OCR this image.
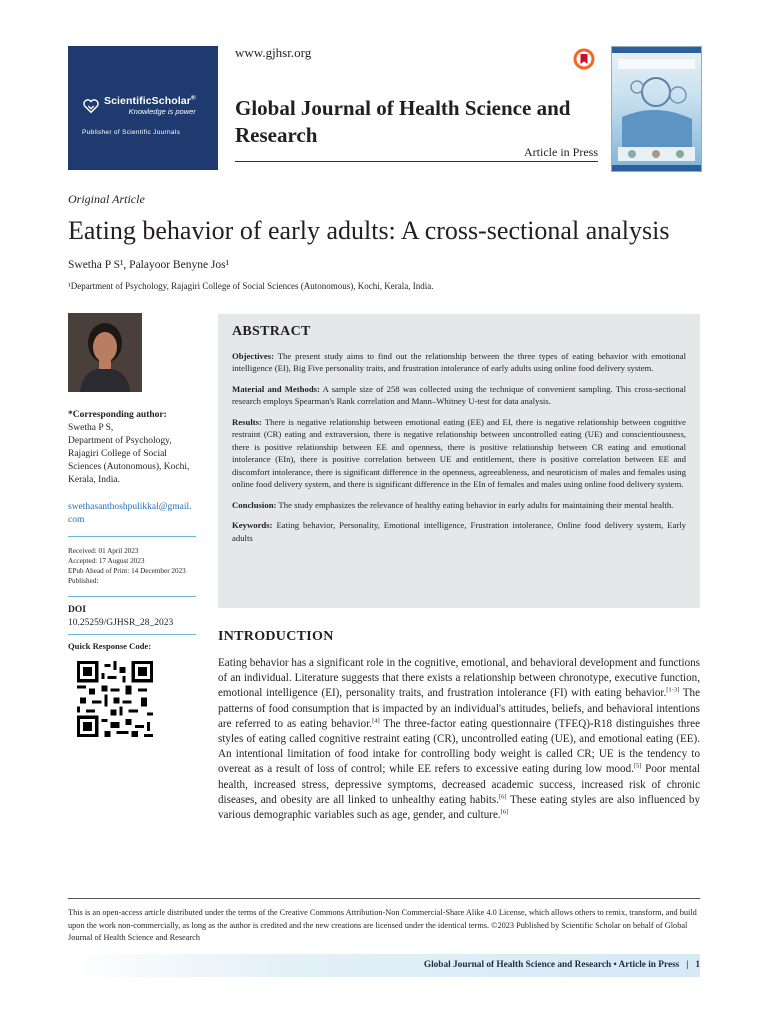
ScientificScholar®
Knowledge is power
Publisher of Scientific Journals
www.gjhsr.org
Global Journal of Health Science and Research
Article in Press
Original Article
Eating behavior of early adults: A cross-sectional analysis
Swetha P S¹, Palayoor Benyne Jos¹
¹Department of Psychology, Rajagiri College of Social Sciences (Autonomous), Kochi, Kerala, India.
*Corresponding author:
Swetha P S,
Department of Psychology,
Rajagiri College of Social
Sciences (Autonomous), Kochi,
Kerala, India.
swethasanthoshpulikkal@gmail.
com
Received: 01 April 2023
Accepted: 17 August 2023
EPub Ahead of Print: 14 December 2023
Published:
DOI
10.25259/GJHSR_28_2023
Quick Response Code:
ABSTRACT

Objectives: The present study aims to find out the relationship between the three types of eating behavior with emotional intelligence (EI), Big Five personality traits, and frustration intolerance of early adults using online food delivery system.

Material and Methods: A sample size of 258 was collected using the technique of convenient sampling. This cross-sectional research employs Spearman's Rank correlation and Mann–Whitney U-test for data analysis.

Results: There is negative relationship between emotional eating (EE) and EI, there is negative relationship between cognitive restraint (CR) eating and extraversion, there is negative relationship between uncontrolled eating (UE) and conscientiousness, there is positive relationship between EE and openness, there is positive relationship between CR eating and emotional intolerance (EIn), there is positive correlation between UE and entitlement, there is positive correlation between EE and discomfort intolerance, there is significant difference in the openness, agreeableness, and neuroticism of males and females using online food delivery system, and there is significant difference in the EIn of females and males using online food delivery system.

Conclusion: The study emphasizes the relevance of healthy eating behavior in early adults for maintaining their mental health.

Keywords: Eating behavior, Personality, Emotional intelligence, Frustration intolerance, Online food delivery system, Early adults

INTRODUCTION
Eating behavior has a significant role in the cognitive, emotional, and behavioral development and functions of an individual. Literature suggests that there exists a relationship between chronotype, executive function, emotional intelligence (EI), personality traits, and frustration intolerance (FI) with eating behavior.[1-3] The patterns of food consumption that is impacted by an individual's attitudes, beliefs, and behavioral intentions are referred to as eating behavior.[4] The three-factor eating questionnaire (TFEQ)-R18 distinguishes three styles of eating called cognitive restraint eating (CR), uncontrolled eating (UE), and emotional eating (EE). An intentional limitation of food intake for controlling body weight is called CR; UE is the tendency to overeat as a result of loss of control; while EE refers to excessive eating during low mood.[5] Poor mental health, increased stress, depressive symptoms, decreased academic success, increased risk of chronic diseases, and obesity are all linked to unhealthy eating habits.[6] These eating styles are also influenced by various demographic variables such as age, gender, and culture.[6]
This is an open-access article distributed under the terms of the Creative Commons Attribution-Non Commercial-Share Alike 4.0 License, which allows others to remix, transform, and build upon the work non-commercially, as long as the author is credited and the new creations are licensed under the identical terms. ©2023 Published by Scientific Scholar on behalf of Global Journal of Health Science and Research
Global Journal of Health Science and Research • Article in Press | 1
